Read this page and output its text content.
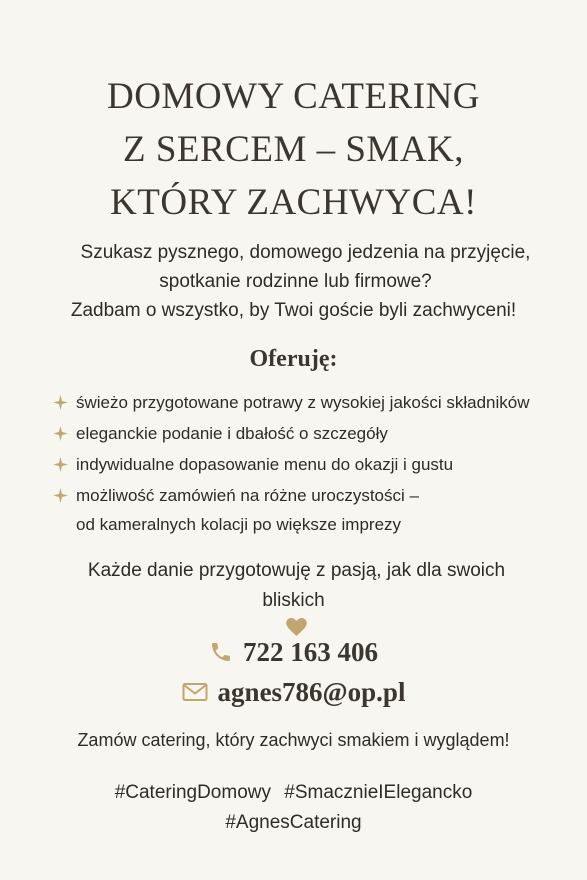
DOMOWY CATERING
Z SERCEM – SMAK,
KTÓRY ZACHWYCA!
Szukasz pysznego, domowego jedzenia na przyjęcie,
spotkanie rodzinne lub firmowe?
Zadbam o wszystko, by Twoi goście byli zachwyceni!
Oferuję:
świeżo przygotowane potrawy z wysokiej jakości składników
eleganckie podanie i dbałość o szczegóły
indywidualne dopasowanie menu do okazji i gustu
możliwość zamówień na różne uroczystości –
od kameralnych kolacji po większe imprezy
Każde danie przygotowuję z pasją, jak dla swoich
bliskich
722 163 406
agnes786@op.pl
Zamów catering, który zachwyci smakiem i wyglądem!
#CateringDomowy #SmacznieIElegancko
#AgnesCatering
